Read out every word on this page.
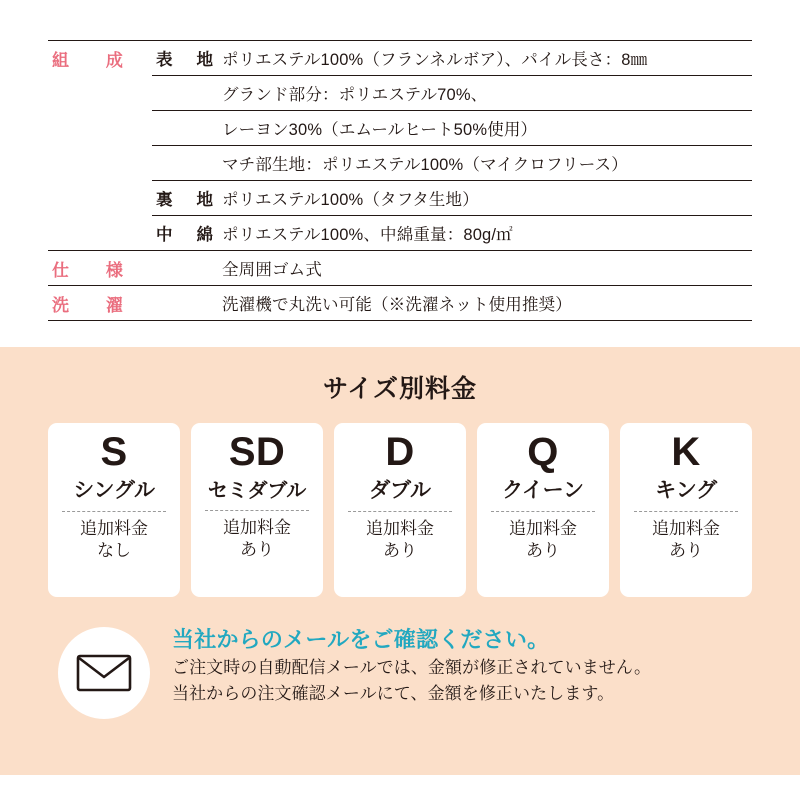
組　成	表　地	ポリエステル100%（フランネルボア）、パイル長さ：8㎜
		グランド部分：ポリエステル70%、
		レーヨン30%（エムールヒート50%使用）
		マチ部生地：ポリエステル100%（マイクロフリース）
	裏　地	ポリエステル100%（タフタ生地）
	中綿	ポリエステル100%、中綿重量：80g/㎡
仕　様		全周囲ゴム式
洗　濯		洗濯機で丸洗い可能（※洗濯ネット使用推奨）
サイズ別料金
S
シングル
追加料金
なし
SD
セミダブル
追加料金
あり
D
ダブル
追加料金
あり
Q
クイーン
追加料金
あり
K
キング
追加料金
あり
当社からのメールをご確認ください。
ご注文時の自動配信メールでは、金額が修正されていません。
当社からの注文確認メールにて、金額を修正いたします。
